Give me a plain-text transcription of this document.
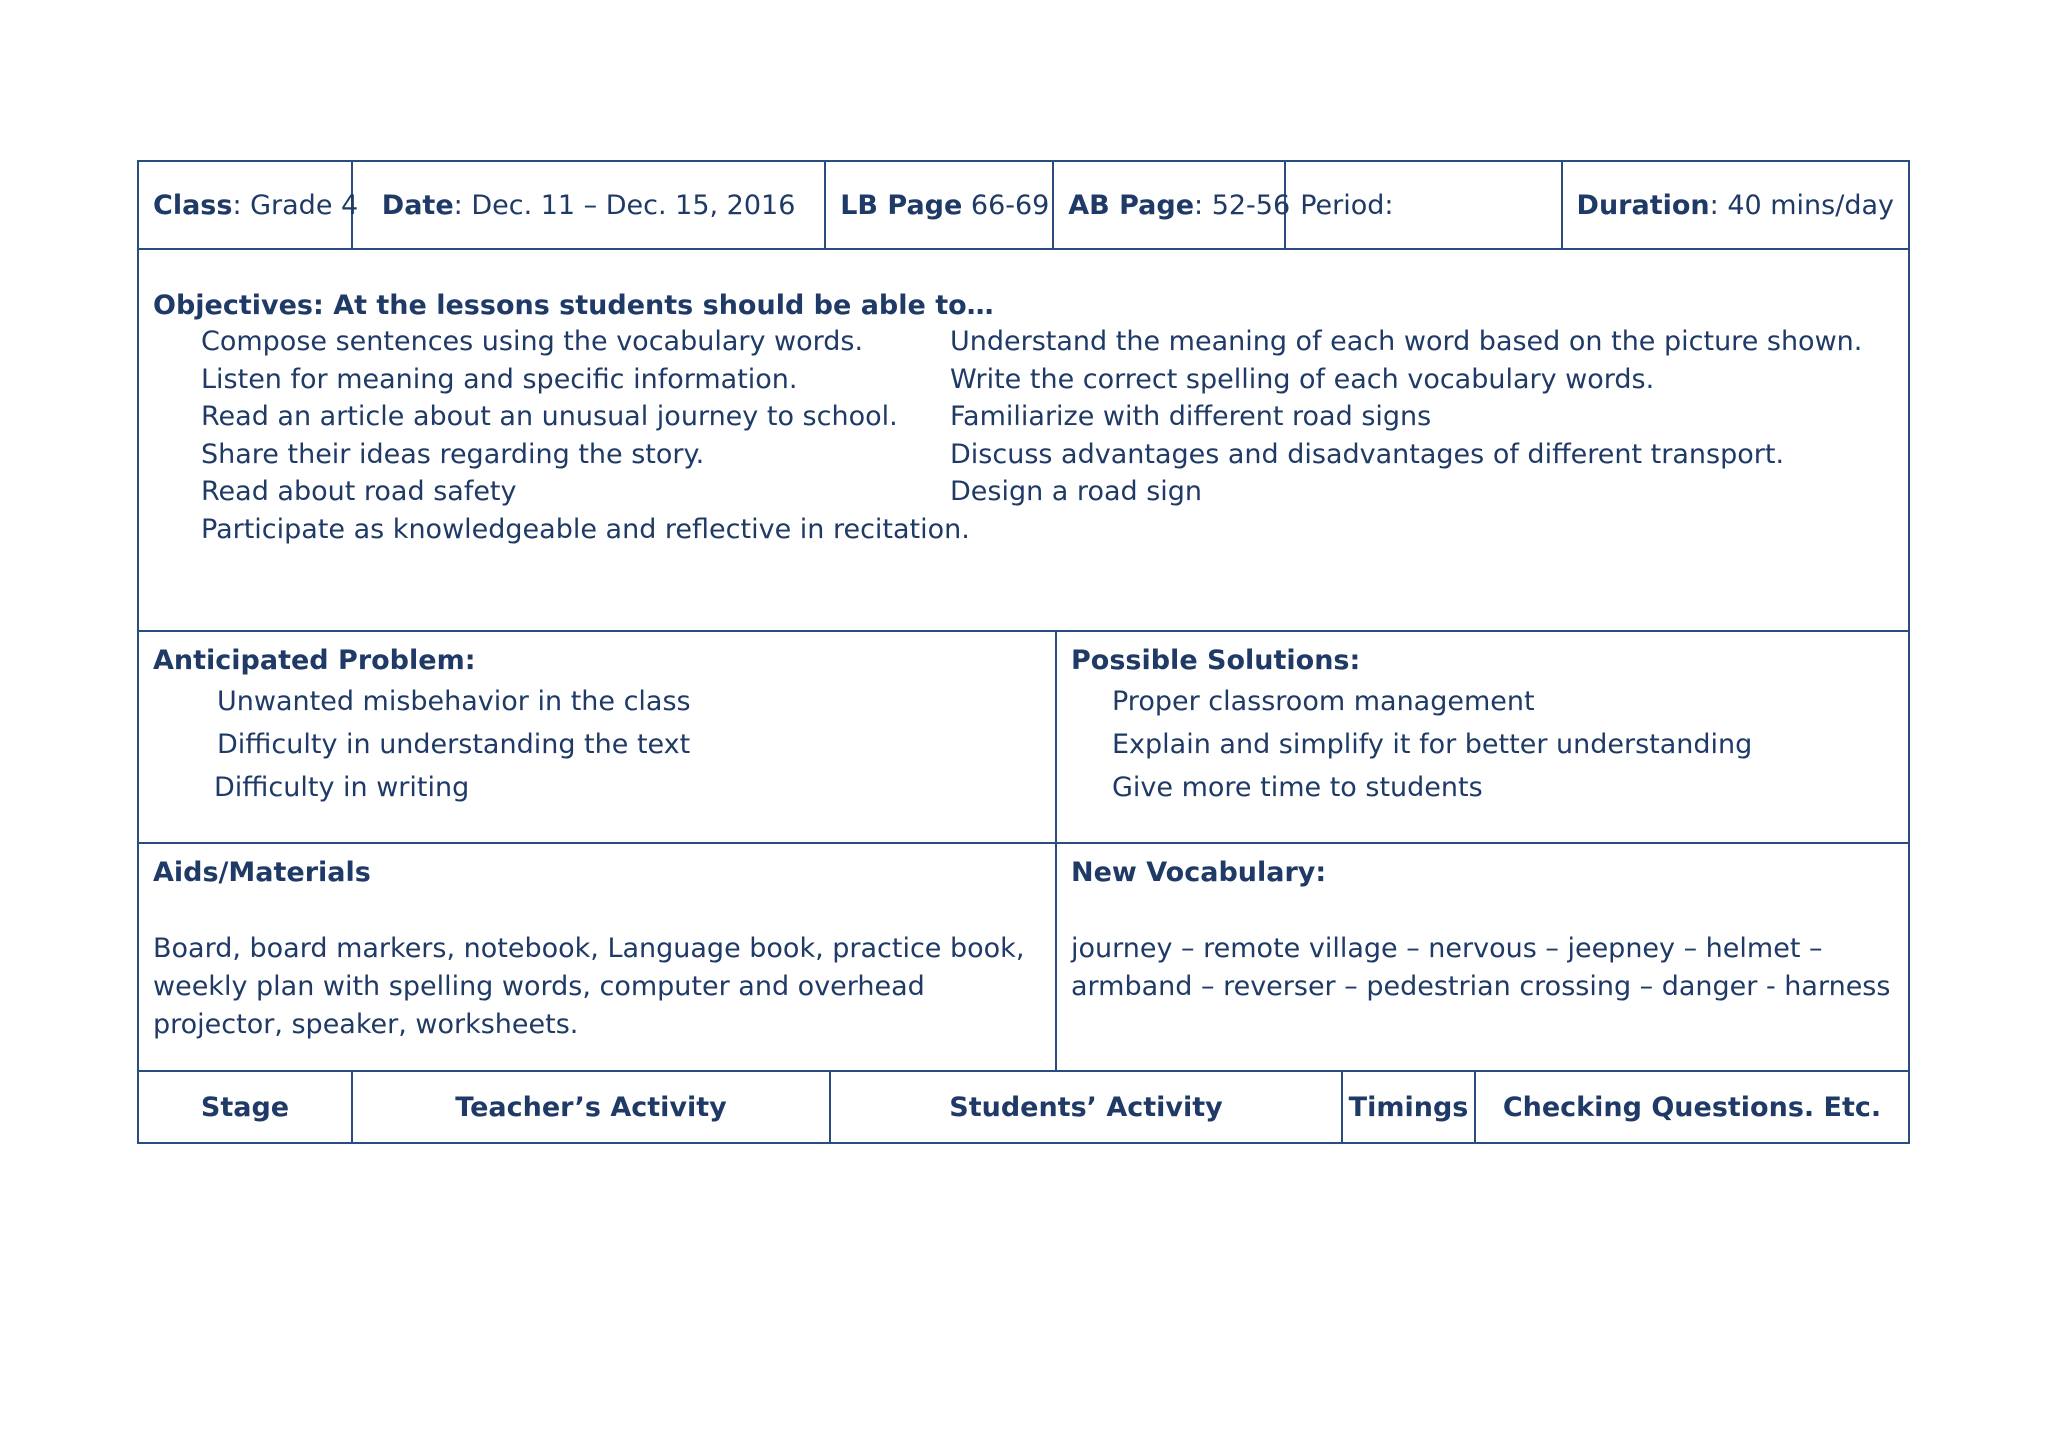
Class : Grade 4 Date : Dec. 11 – Dec. 15, 2016 LB Page 66-69 AB Page : 52-56 Period:	Duration : 40 mins/day
Objectives: At the lessons students should be able to…
Compose sentences using the vocabulary words.
Listen for meaning and specific information.
Read an article about an unusual journey to school.
Share their ideas regarding the story.
Read about road safety
Participate as knowledgeable and reflective in recitation.
Understand the meaning of each word based on the picture shown.
Write the correct spelling of each vocabulary words.
Familiarize with different road signs
Discuss advantages and disadvantages of different transport.
Design a road sign
Anticipated Problem:
Unwanted misbehavior in the class
Difficulty in understanding the text
Difficulty in writing
Possible Solutions:
Proper classroom management
Explain and simplify it for better understanding
Give more time to students
Aids/Materials
Board, board markers, notebook, Language book, practice book, weekly plan with spelling words, computer and overhead projector, speaker, worksheets.
New Vocabulary:
journey – remote village – nervous – jeepney – helmet – armband – reverser – pedestrian crossing – danger - harness
Stage	Teacher’s Activity	Students’ Activity	Timings	Checking Questions. Etc.
